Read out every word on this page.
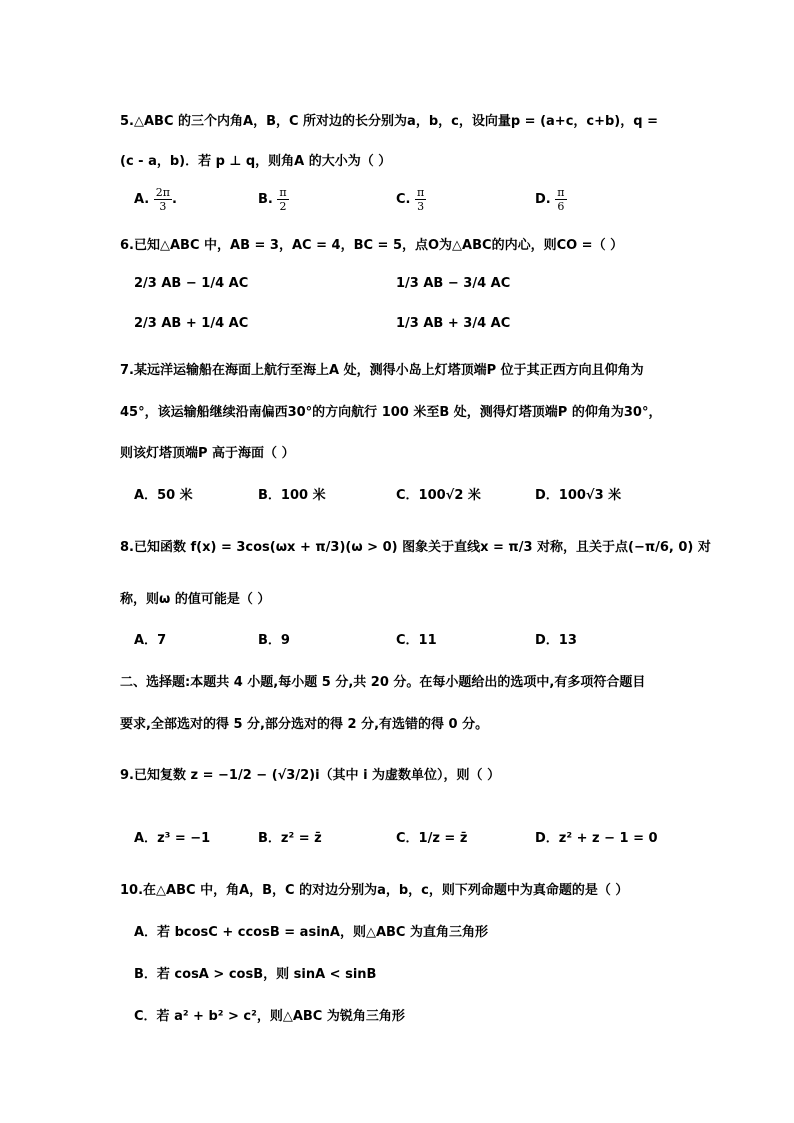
5.△ABC 的三个内角A，B，C 所对边的长分别为a，b，c，设向量p = (a+c，c+b)，q =
(c - a，b)．若 p ⊥ q，则角A 的大小为（ ）
A. $\frac{2\pi}{3}$ .	B. $\frac{\pi}{2}$	C. $\frac{\pi}{3}$	D. $\frac{\pi}{6}$
6.已知△ABC 中，AB = 3，AC = 4，BC = 5，点O为△ABC的内心，则CO =（ ）
2/3 AB − 1/4 AC	1/3 AB − 3/4 AC
2/3 AB + 1/4 AC	1/3 AB + 3/4 AC
7.某远洋运输船在海面上航行至海上A 处，测得小岛上灯塔顶端P 位于其正西方向且仰角为
45°，该运输船继续沿南偏西30°的方向航行 100 米至B 处，测得灯塔顶端P 的仰角为30°，
则该灯塔顶端P 高于海面（ ）
A．50 米	B．100 米	C．100√2 米	D．100√3 米
8.已知函数 f(x) = 3cos(ωx + π/3)(ω > 0) 图象关于直线x = π/3 对称，且关于点(−π/6, 0) 对
称，则ω 的值可能是（ ）
A．7	B．9	C．11	D．13
二、选择题:本题共 4 小题,每小题 5 分,共 20 分。在每小题给出的选项中,有多项符合题目
要求,全部选对的得 5 分,部分选对的得 2 分,有选错的得 0 分。
9.已知复数 z = −1/2 − (√3/2)i（其中 i 为虚数单位），则（ ）
A．z³ = −1	B．z² = z̄	C．1/z = z̄	D．z² + z − 1 = 0
10.在△ABC 中，角A，B，C 的对边分别为a，b，c，则下列命题中为真命题的是（ ）
A．若 bcosC + ccosB = asinA，则△ABC 为直角三角形
B．若 cosA > cosB，则 sinA < sinB
C．若 a² + b² > c²，则△ABC 为锐角三角形
